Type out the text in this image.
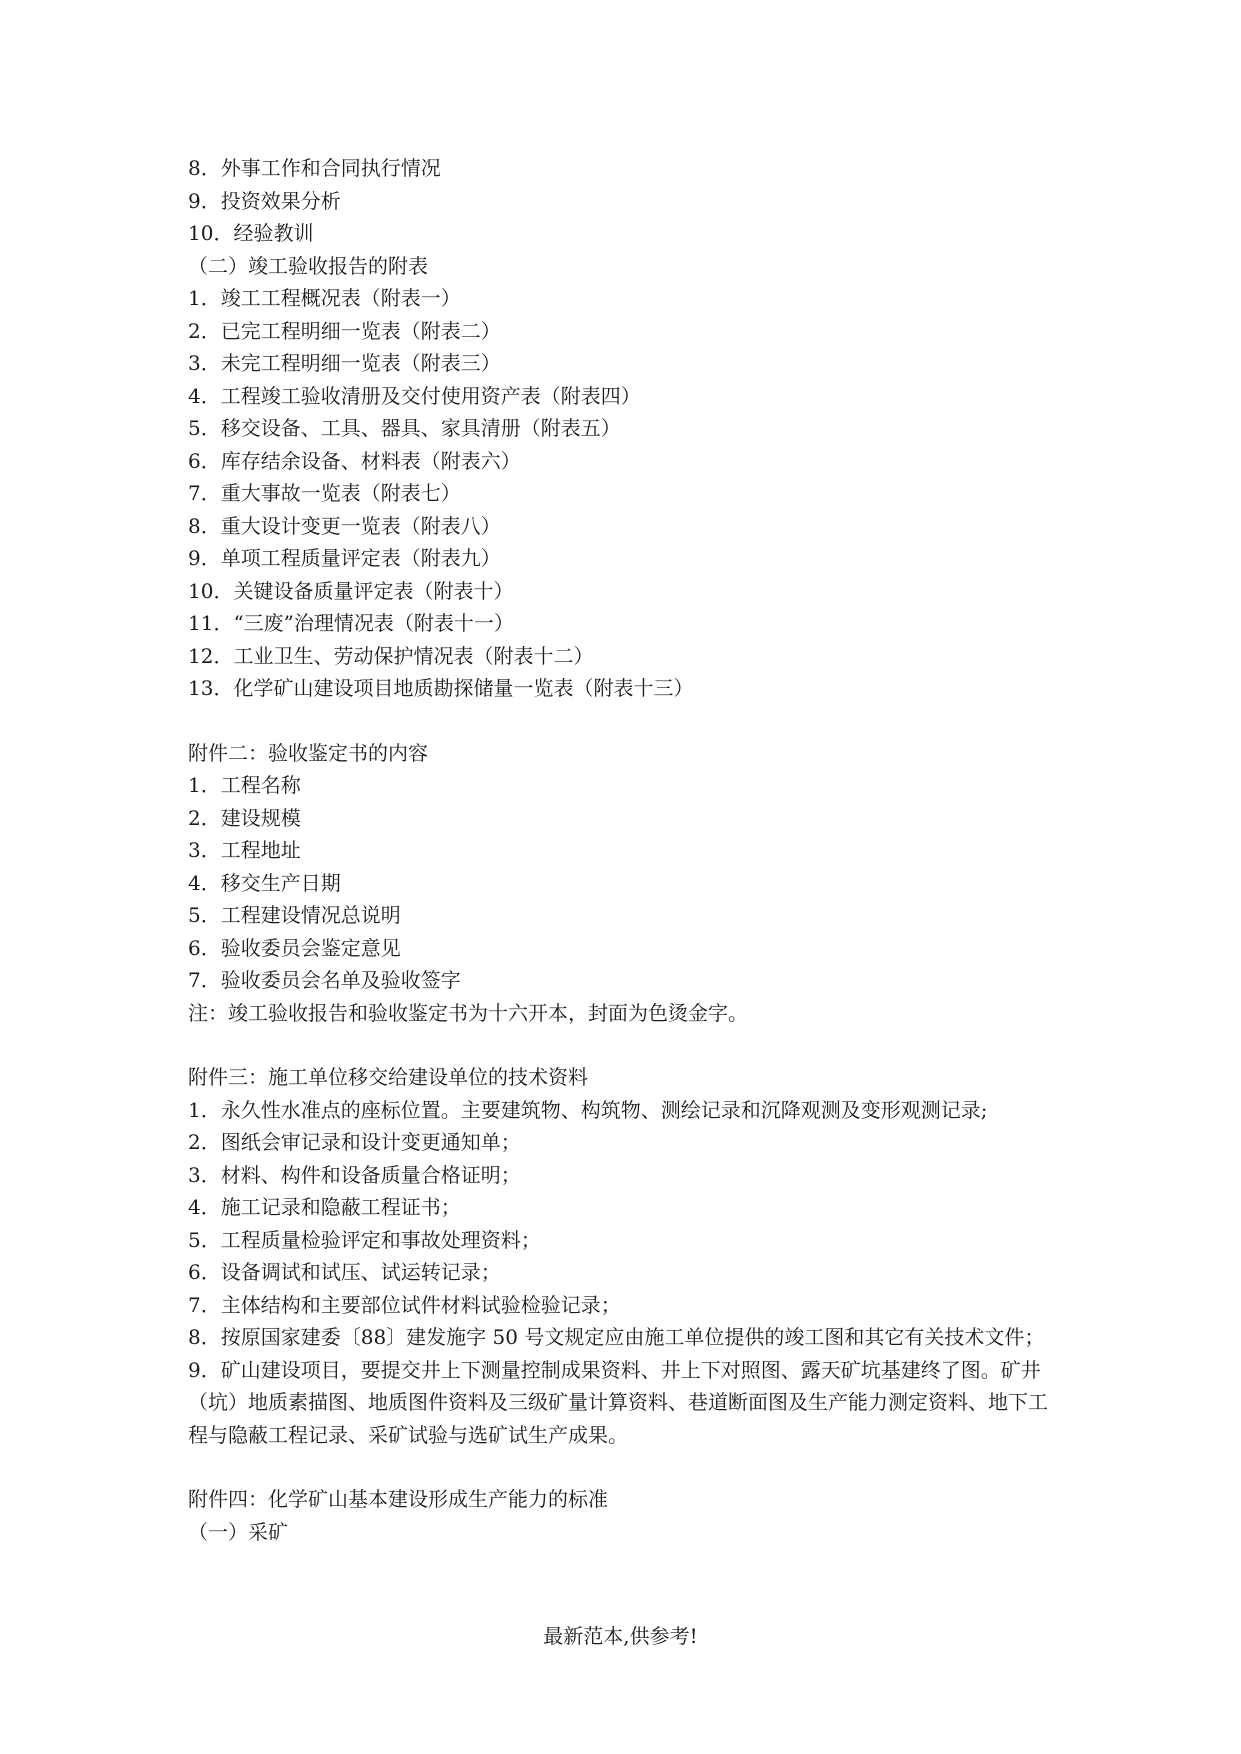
8．外事工作和合同执行情况
9．投资效果分析
10．经验教训
（二）竣工验收报告的附表
1．竣工工程概况表（附表一）
2．已完工程明细一览表（附表二）
3．未完工程明细一览表（附表三）
4．工程竣工验收清册及交付使用资产表（附表四）
5．移交设备、工具、器具、家具清册（附表五）
6．库存结余设备、材料表（附表六）
7．重大事故一览表（附表七）
8．重大设计变更一览表（附表八）
9．单项工程质量评定表（附表九）
10．关键设备质量评定表（附表十）
11．“三废”治理情况表（附表十一）
12．工业卫生、劳动保护情况表（附表十二）
13．化学矿山建设项目地质勘探储量一览表（附表十三）
附件二：验收鉴定书的内容
1．工程名称
2．建设规模
3．工程地址
4．移交生产日期
5．工程建设情况总说明
6．验收委员会鉴定意见
7．验收委员会名单及验收签字
注：竣工验收报告和验收鉴定书为十六开本，封面为色烫金字。
附件三：施工单位移交给建设单位的技术资料
1．永久性水准点的座标位置。主要建筑物、构筑物、测绘记录和沉降观测及变形观测记录;
2．图纸会审记录和设计变更通知单；
3．材料、构件和设备质量合格证明；
4．施工记录和隐蔽工程证书；
5．工程质量检验评定和事故处理资料；
6．设备调试和试压、试运转记录；
7．主体结构和主要部位试件材料试验检验记录；
8．按原国家建委〔88〕建发施字 50 号文规定应由施工单位提供的竣工图和其它有关技术文件；
9．矿山建设项目，要提交井上下测量控制成果资料、井上下对照图、露天矿坑基建终了图。矿井（坑）地质素描图、地质图件资料及三级矿量计算资料、巷道断面图及生产能力测定资料、地下工程与隐蔽工程记录、采矿试验与选矿试生产成果。
附件四：化学矿山基本建设形成生产能力的标准
（一）采矿
最新范本,供参考!
